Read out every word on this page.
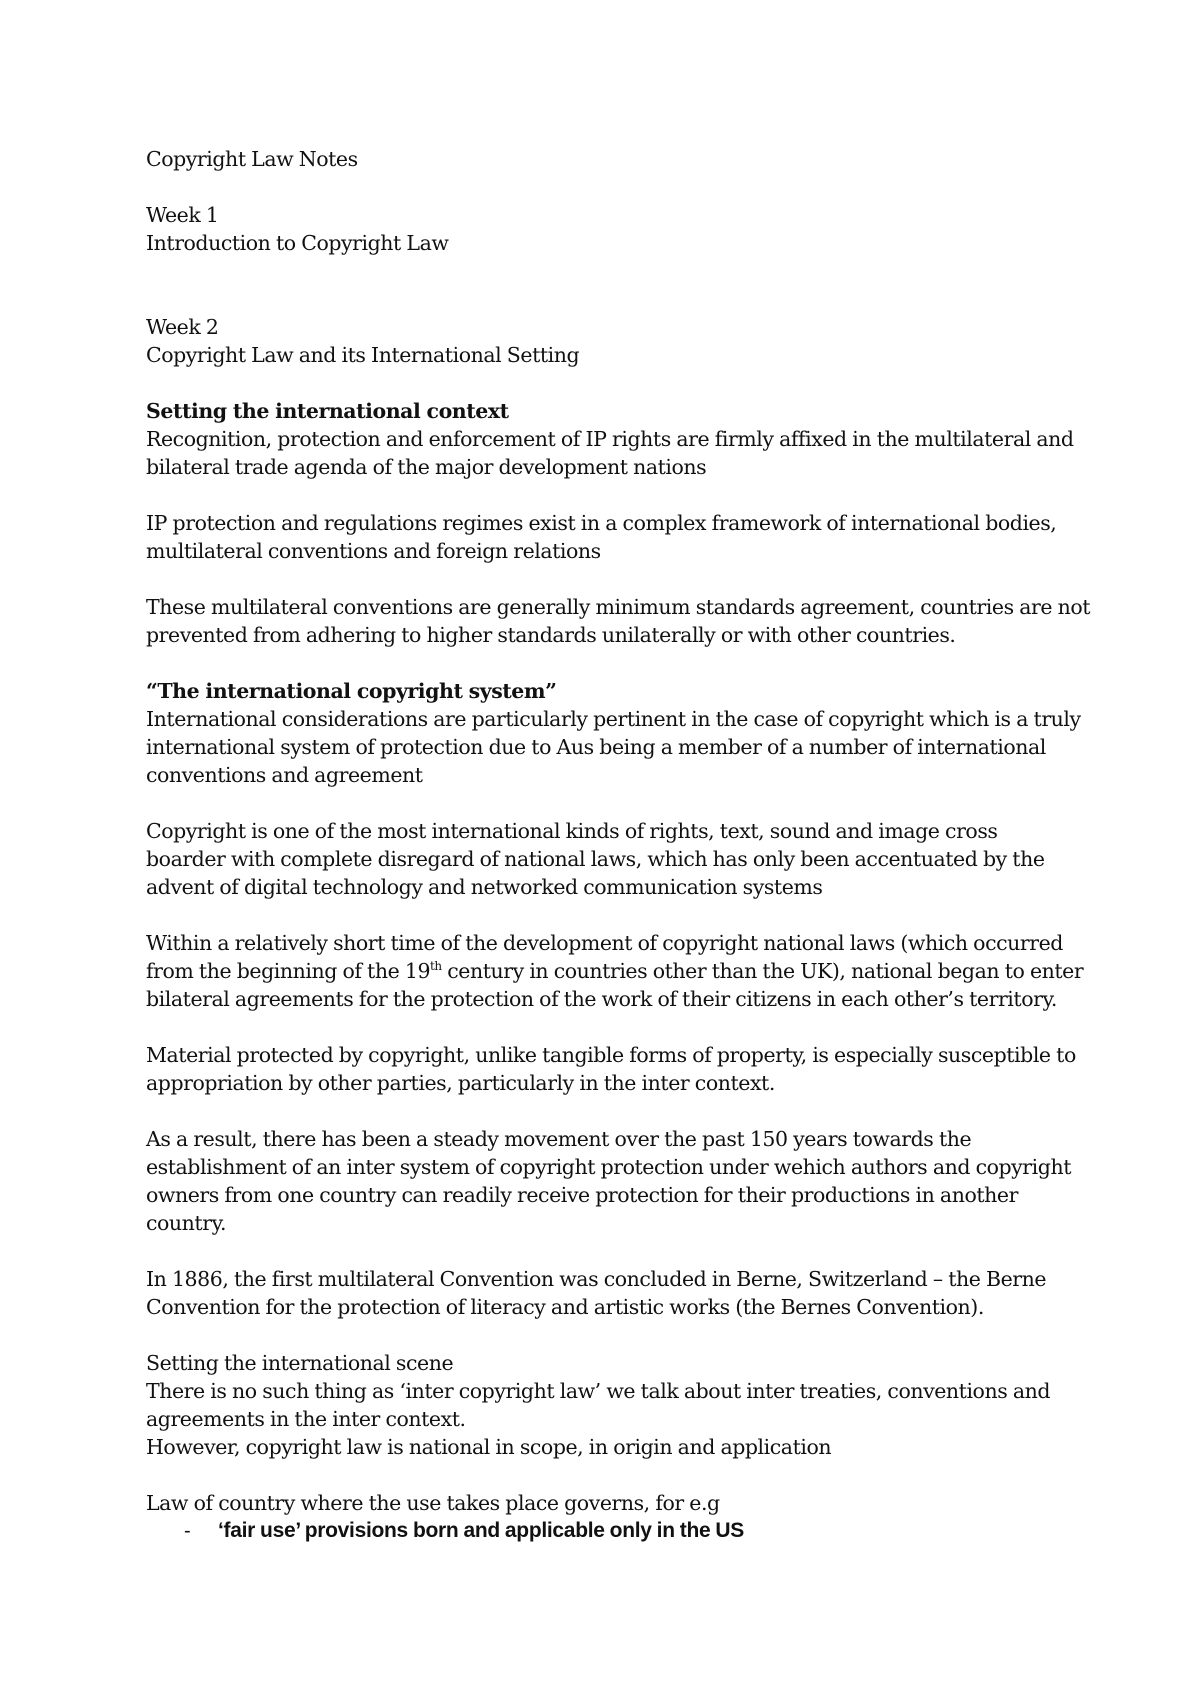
Copyright Law Notes
Week 1
Introduction to Copyright Law
Week 2
Copyright Law and its International Setting
Setting the international context
Recognition, protection and enforcement of IP rights are firmly affixed in the multilateral and
bilateral trade agenda of the major development nations
IP protection and regulations regimes exist in a complex framework of international bodies,
multilateral conventions and foreign relations
These multilateral conventions are generally minimum standards agreement, countries are not
prevented from adhering to higher standards unilaterally or with other countries.
“The international copyright system”
International considerations are particularly pertinent in the case of copyright which is a truly
international system of protection due to Aus being a member of a number of international
conventions and agreement
Copyright is one of the most international kinds of rights, text, sound and image cross
boarder with complete disregard of national laws, which has only been accentuated by the
advent of digital technology and networked communication systems
Within a relatively short time of the development of copyright national laws (which occurred
from the beginning of the 19th century in countries other than the UK), national began to enter
bilateral agreements for the protection of the work of their citizens in each other’s territory.
Material protected by copyright, unlike tangible forms of property, is especially susceptible to
appropriation by other parties, particularly in the inter context.
As a result, there has been a steady movement over the past 150 years towards the
establishment of an inter system of copyright protection under wehich authors and copyright
owners from one country can readily receive protection for their productions in another
country.
In 1886, the first multilateral Convention was concluded in Berne, Switzerland – the Berne
Convention for the protection of literacy and artistic works (the Bernes Convention).
Setting the international scene
There is no such thing as ‘inter copyright law’ we talk about inter treaties, conventions and
agreements in the inter context.
However, copyright law is national in scope, in origin and application
Law of country where the use takes place governs, for e.g
- ‘fair use’ provisions born and applicable only in the US
